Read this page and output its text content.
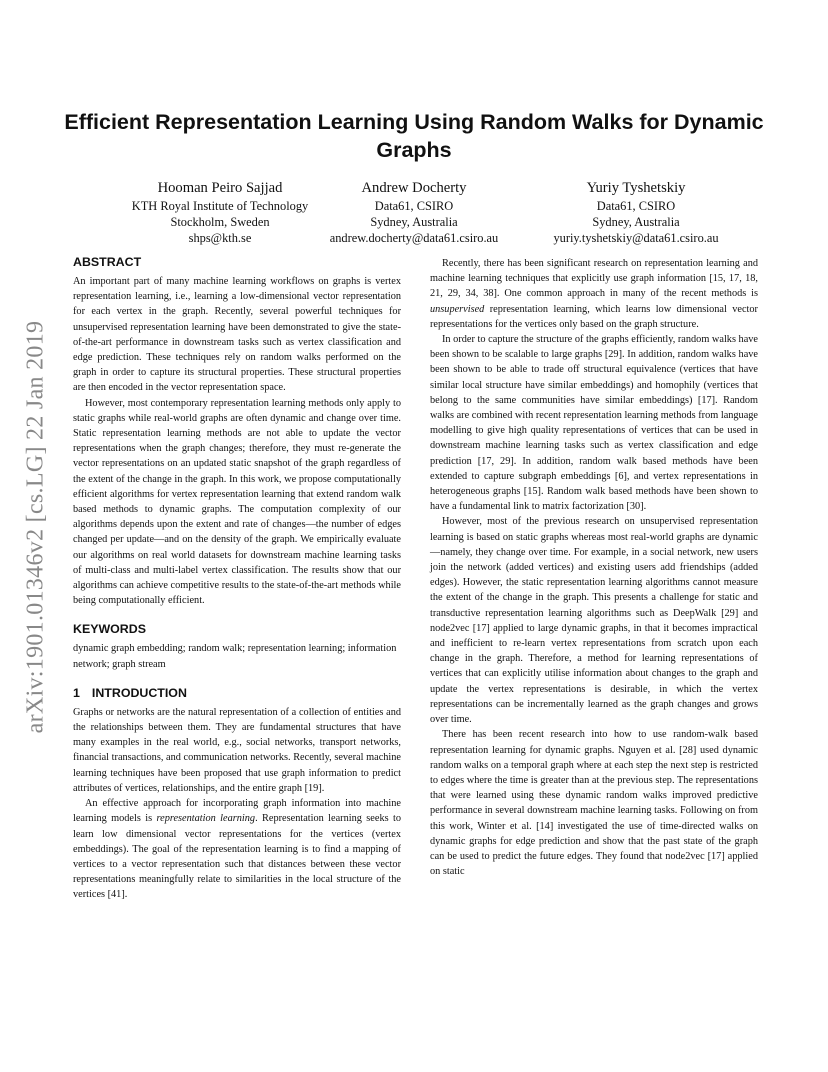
Efficient Representation Learning Using Random Walks for Dynamic Graphs
Hooman Peiro Sajjad
KTH Royal Institute of Technology
Stockholm, Sweden
shps@kth.se
Andrew Docherty
Data61, CSIRO
Sydney, Australia
andrew.docherty@data61.csiro.au
Yuriy Tyshetskiy
Data61, CSIRO
Sydney, Australia
yuriy.tyshetskiy@data61.csiro.au
arXiv:1901.01346v2 [cs.LG] 22 Jan 2019
ABSTRACT

An important part of many machine learning workflows on graphs is vertex representation learning, i.e., learning a low-dimensional vector representation for each vertex in the graph. Recently, several powerful techniques for unsupervised representation learning have been demonstrated to give the state-of-the-art performance in downstream tasks such as vertex classification and edge prediction. These techniques rely on random walks performed on the graph in order to capture its structural properties. These structural properties are then encoded in the vector representation space.

However, most contemporary representation learning methods only apply to static graphs while real-world graphs are often dynamic and change over time. Static representation learning methods are not able to update the vector representations when the graph changes; therefore, they must re-generate the vector representations on an updated static snapshot of the graph regardless of the extent of the change in the graph. In this work, we propose computationally efficient algorithms for vertex representation learning that extend random walk based methods to dynamic graphs. The computation complexity of our algorithms depends upon the extent and rate of changes—the number of edges changed per update—and on the density of the graph. We empirically evaluate our algorithms on real world datasets for downstream machine learning tasks of multi-class and multi-label vertex classification. The results show that our algorithms can achieve competitive results to the state-of-the-art methods while being computationally efficient.

KEYWORDS

dynamic graph embedding; random walk; representation learning; information network; graph stream

1 INTRODUCTION

Graphs or networks are the natural representation of a collection of entities and the relationships between them. They are fundamental structures that have many examples in the real world, e.g., social networks, transport networks, financial transactions, and communication networks. Recently, several machine learning techniques have been proposed that use graph information to predict attributes of vertices, relationships, and the entire graph [19].

An effective approach for incorporating graph information into machine learning models is representation learning. Representation learning seeks to learn low dimensional vector representations for the vertices (vertex embeddings). The goal of the representation learning is to find a mapping of vertices to a vector representation such that distances between these vector representations meaningfully relate to similarities in the local structure of the vertices [41].

Recently, there has been significant research on representation learning and machine learning techniques that explicitly use graph information [15, 17, 18, 21, 29, 34, 38]. One common approach in many of the recent methods is unsupervised representation learning, which learns low dimensional vector representations for the vertices only based on the graph structure.

In order to capture the structure of the graphs efficiently, random walks have been shown to be scalable to large graphs [29]. In addition, random walks have been shown to be able to trade off structural equivalence (vertices that have similar local structure have similar embeddings) and homophily (vertices that belong to the same communities have similar embeddings) [17]. Random walks are combined with recent representation learning methods from language modelling to give high quality representations of vertices that can be used in downstream machine learning tasks such as vertex classification and edge prediction [17, 29]. In addition, random walk based methods have been extended to capture subgraph embeddings [6], and vertex representations in heterogeneous graphs [15]. Random walk based methods have been shown to have a fundamental link to matrix factorization [30].

However, most of the previous research on unsupervised representation learning is based on static graphs whereas most real-world graphs are dynamic —namely, they change over time. For example, in a social network, new users join the network (added vertices) and existing users add friendships (added edges). However, the static representation learning algorithms cannot measure the extent of the change in the graph. This presents a challenge for static and transductive representation learning algorithms such as DeepWalk [29] and node2vec [17] applied to large dynamic graphs, in that it becomes impractical and inefficient to re-learn vertex representations from scratch upon each change in the graph. Therefore, a method for learning representations of vertices that can explicitly utilise information about changes to the graph and update the vertex representations is desirable, in which the vertex representations can be incrementally learned as the graph changes and grows over time.

There has been recent research into how to use random-walk based representation learning for dynamic graphs. Nguyen et al. [28] used dynamic random walks on a temporal graph where at each step the next step is restricted to edges where the time is greater than at the previous step. The representations that were learned using these dynamic random walks improved predictive performance in several downstream machine learning tasks. Following on from this work, Winter et al. [14] investigated the use of time-directed walks on dynamic graphs for edge prediction and show that the past state of the graph can be used to predict the future edges. They found that node2vec [17] applied on static
